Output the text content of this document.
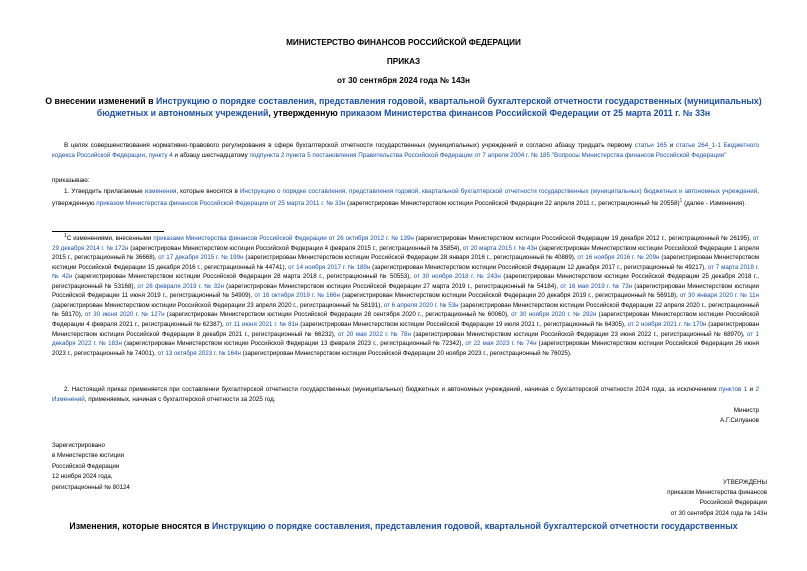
МИНИСТЕРСТВО ФИНАНСОВ РОССИЙСКОЙ ФЕДЕРАЦИИ
ПРИКАЗ
от 30 сентября 2024 года № 143н
О внесении изменений в Инструкцию о порядке составления, представления годовой, квартальной бухгалтерской отчетности государственных (муниципальных) бюджетных и автономных учреждений, утвержденную приказом Министерства финансов Российской Федерации от 25 марта 2011 г. № 33н
В целях совершенствования нормативно-правового регулирования в сфере бухгалтерской отчетности государственных (муниципальных) учреждений и согласно абзацу тридцать первому статьи 165 и статье 264_1-1 Бюджетного кодекса Российской Федерации, пункту 4 и абзацу шестнадцатому подпункта 2 пункта 5 постановления Правительства Российской Федерации от 7 апреля 2004 г. № 185 "Вопросы Министерства финансов Российской Федерации"
приказываю:
1. Утвердить прилагаемые изменения, которые вносятся в Инструкцию о порядке составления, представления годовой, квартальной бухгалтерской отчетности государственных (муниципальных) бюджетных и автономных учреждений, утвержденную приказом Министерства финансов Российской Федерации от 25 марта 2011 г. № 33н (зарегистрирован Министерством юстиции Российской Федерации 22 апреля 2011 г., регистрационный № 20558)$^1$ (далее - Изменения).
$^1$С изменениями, внесенными приказами Министерства финансов Российской Федерации от 26 октября 2012 г. № 139н (зарегистрирован Министерством юстиции Российской Федерации 19 декабря 2012 г., регистрационный № 26195), от 29 декабря 2014 г. № 172н (зарегистрирован Министерством юстиции Российской Федерации 4 февраля 2015 г., регистрационный № 35854), от 20 марта 2015 г. № 43н (зарегистрирован Министерством юстиции Российской Федерации 1 апреля 2015 г., регистрационный № 36668), от 17 декабря 2015 г. № 199н (зарегистрирован Министерством юстиции Российской Федерации 28 января 2016 г., регистрационный № 40889), от 16 ноября 2016 г. № 209н (зарегистрирован Министерством юстиции Российской Федерации 15 декабря 2016 г., регистрационный № 44741), от 14 ноября 2017 г. № 189н (зарегистрирован Министерством юстиции Российской Федерации 12 декабря 2017 г., регистрационный № 49217), от 7 марта 2018 г. № 42н (зарегистрирован Министерством юстиции Российской Федерации 28 марта 2018 г., регистрационный № 50553), от 30 ноября 2018 г. № 243н (зарегистрирован Министерством юстиции Российской Федерации 25 декабря 2018 г., регистрационный № 53168), от 28 февраля 2019 г. № 32н (зарегистрирован Министерством юстиции Российской Федерации 27 марта 2019 г., регистрационный № 54184), от 16 мая 2019 г. № 73н (зарегистрирован Министерством юстиции Российской Федерации 11 июня 2019 г., регистрационный № 54909), от 16 октября 2019 г. № 166н (зарегистрирован Министерством юстиции Российской Федерации 20 декабря 2019 г., регистрационный № 56918), от 30 января 2020 г. № 11н (зарегистрирован Министерством юстиции Российской Федерации 23 апреля 2020 г., регистрационный № 58191), от 6 апреля 2020 г. № 53н (зарегистрирован Министерством юстиции Российской Федерации 22 апреля 2020 г., регистрационный № 58170), от 30 июня 2020 г. № 127н (зарегистрирован Министерством юстиции Российской Федерации 28 сентября 2020 г., регистрационный № 60060), от 30 ноября 2020 г. № 292н (зарегистрирован Министерством юстиции Российской Федерации 4 февраля 2021 г., регистрационный № 62387), от 11 июня 2021 г. № 81н (зарегистрирован Министерством юстиции Российской Федерации 19 июля 2021 г., регистрационный № 64305), от 2 ноября 2021 г. № 170н (зарегистрирован Министерством юстиции Российской Федерации 8 декабря 2021 г., регистрационный № 66232), от 20 мая 2022 г. № 78н (зарегистрирован Министерством юстиции Российской Федерации 23 июня 2022 г., регистрационный № 68970), от 1 декабря 2022 г. № 183н (зарегистрирован Министерством юстиции Российской Федерации 13 февраля 2023 г., регистрационный № 72342), от 22 мая 2023 г. № 74н (зарегистрирован Министерством юстиции Российской Федерации 26 июня 2023 г., регистрационный № 74001), от 13 октября 2023 г. № 164н (зарегистрирован Министерством юстиции Российской Федерации 20 ноября 2023 г., регистрационный № 76025).
2. Настоящий приказ применяется при составлении бухгалтерской отчетности государственных (муниципальных) бюджетных и автономных учреждений, начиная с бухгалтерской отчетности 2024 года, за исключением пунктов 1 и 2 Изменений, применяемых, начиная с бухгалтерской отчетности за 2025 год.
Министр
А.Г.Силуанов
Зарегистрировано
в Министерстве юстиции
Российской Федерации
12 ноября 2024 года,
регистрационный № 80124
УТВЕРЖДЕНЫ
приказом Министерства финансов
Российской Федерации
от 30 сентября 2024 года № 143н
Изменения, которые вносятся в Инструкцию о порядке составления, представления годовой, квартальной бухгалтерской отчетности государственных
